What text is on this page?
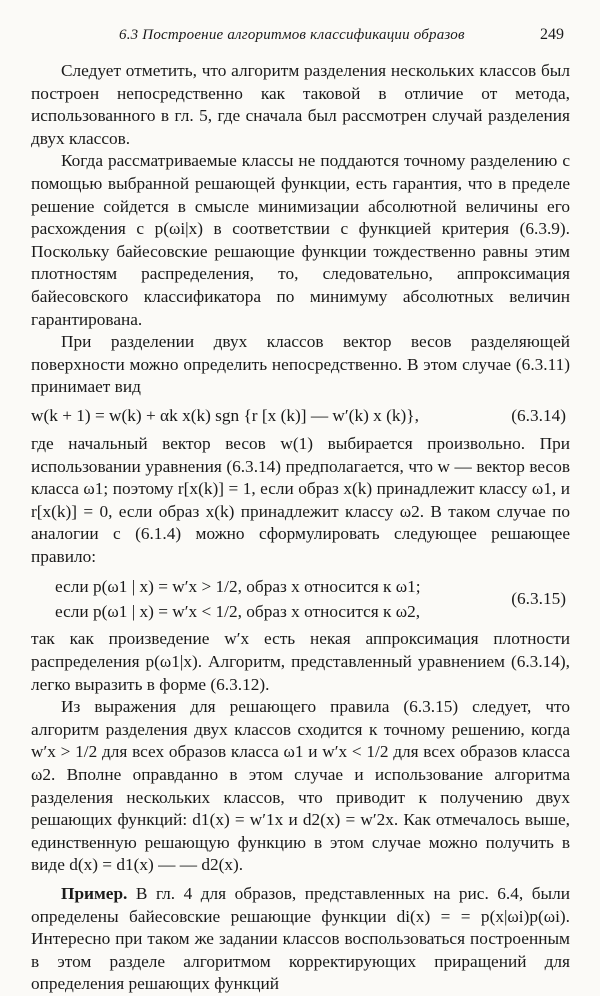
6.3 Построение алгоритмов классификации образов	249

Следует отметить, что алгоритм разделения нескольких классов был построен непосредственно как таковой в отличие от метода, использованного в гл. 5, где сначала был рассмотрен случай разделения двух классов.

Когда рассматриваемые классы не поддаются точному разделению с помощью выбранной решающей функции, есть гарантия, что в пределе решение сойдется в смысле минимизации абсолютной величины его расхождения с p(ωi|x) в соответствии с функцией критерия (6.3.9). Поскольку байесовские решающие функции тождественно равны этим плотностям распределения, то, следовательно, аппроксимация байесовского классификатора по минимуму абсолютных величин гарантирована.

При разделении двух классов вектор весов разделяющей поверхности можно определить непосредственно. В этом случае (6.3.11) принимает вид

w(k + 1) = w(k) + αk x(k) sgn {r [x (k)] — w′(k) x (k)},	(6.3.14)

где начальный вектор весов w(1) выбирается произвольно. При использовании уравнения (6.3.14) предполагается, что w — вектор весов класса ω1; поэтому r[x(k)] = 1, если образ x(k) принадлежит классу ω1, и r[x(k)] = 0, если образ x(k) принадлежит классу ω2. В таком случае по аналогии с (6.1.4) можно сформулировать следующее решающее правило:

если p(ω1 | x) = w′x > 1/2, образ x относится к ω1;
если p(ω1 | x) = w′x < 1/2, образ x относится к ω2,
(6.3.15)

так как произведение w′x есть некая аппроксимация плотности распределения p(ω1|x). Алгоритм, представленный уравнением (6.3.14), легко выразить в форме (6.3.12).

Из выражения для решающего правила (6.3.15) следует, что алгоритм разделения двух классов сходится к точному решению, когда w′x > 1/2 для всех образов класса ω1 и w′x < 1/2 для всех образов класса ω2. Вполне оправданно в этом случае и использование алгоритма разделения нескольких классов, что приводит к получению двух решающих функций: d1(x) = w′1x и d2(x) = w′2x. Как отмечалось выше, единственную решающую функцию в этом случае можно получить в виде d(x) = d1(x) — — d2(x).

Пример. В гл. 4 для образов, представленных на рис. 6.4, были определены байесовские решающие функции di(x) = = p(x|ωi)p(ωi). Интересно при таком же задании классов воспользоваться построенным в этом разделе алгоритмом корректирующих приращений для определения решающих функций
